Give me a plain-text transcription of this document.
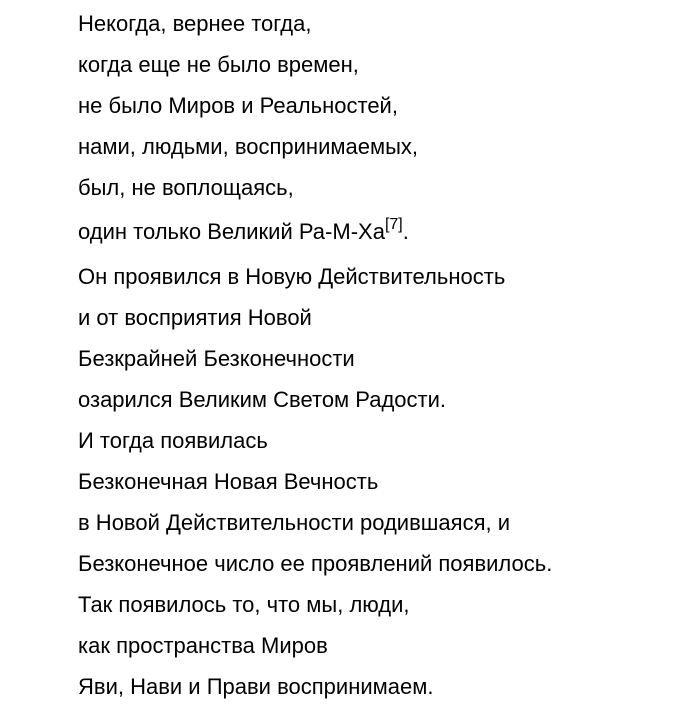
Некогда, вернее тогда,
когда еще не было времен,
не было Миров и Реальностей,
нами, людьми, воспринимаемых,
был, не воплощаясь,
один только Великий Ра-М-Ха[7].
Он проявился в Новую Действительность
и от восприятия Новой
Безкрайней Безконечности
озарился Великим Светом Радости.
И тогда появилась
Безконечная Новая Вечность
в Новой Действительности родившаяся, и
Безконечное число ее проявлений появилось.
Так появилось то, что мы, люди,
как пространства Миров
Яви, Нави и Прави воспринимаем.
